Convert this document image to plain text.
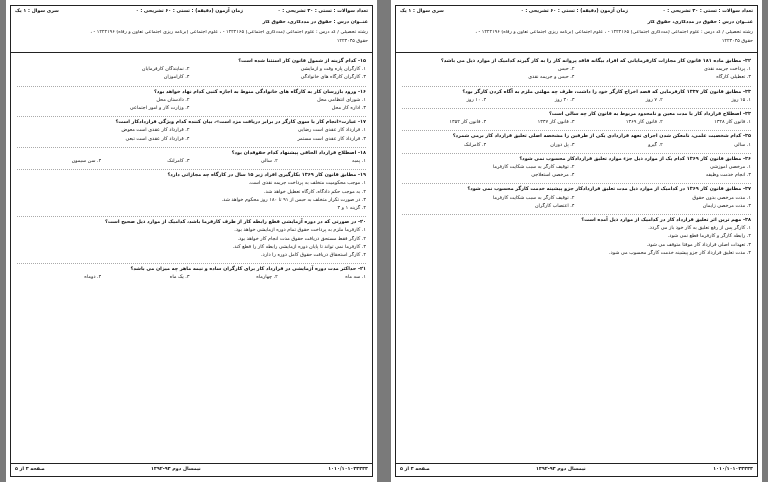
تعداد سوالات : تستی : ۳۰ تشریحی : ۰
زمان آزمون (دقیقه) : تستی : ۶۰ تشریحی : ۰
سری سوال : ۱ یک
عنــوان درس : حقوق در مددکاری، حقوق کار
رشته تحصیلی / کد درس : علوم اجتماعی (مددکاری اجتماعی) ۱۲۲۲۱۶۵ - ، علوم اجتماعی (برنامه ریزی اجتماعی تعاون و رفاه) ۱۲۲۲۱۹۶ - ،
حقوق ۱۲۲۳۰۴۵
۱۵- کدام گزینه از شمول قانون کار استثنا شده است؟
۱. کارگران پاره وقت و آزمایشی
۲. نمایندگان کارفرمایان
۳. کارگران کارگاه های خانوادگی
۴. کارآموزان
۱۶- ورود بازرسان کار به کارگاه های خانوادگی منوط به اجازه کتبی کدام نهاد خواهد بود؟
۱. شورای انتظامی محل
۲. دادستان محل
۳. اداره کار محل
۴. وزارت کار و امور اجتماعی
۱۷- عبارت«انجام کار با سوی کارگر در برابر دریافت مزد است»، بیان کننده کدام ویژگی قراردادکار است؟
۱. قرارداد کار عقدی است رضایی
۲. قرارداد کار عقدی است معوض
۳. قرارداد کار عقدی است مستمر
۴. قرارداد کار عقدی است تبعی
۱۸- اصطلاح قرارداد الحاقی پیشنهاد کدام حقوقدان بود؟
۱. پمبه
۲. سالی
۳. کامرلنک
۴. سن سیمون
۱۹- مطابق قانون کار ۱۳۶۹ بکارگیری افراد زیر ۱۵ سال در کارگاه چه مجازاتی دارد؟
۱. موجب محکومیت متخلف به پرداخت جریمه نقدی است.
۲. به موجب حکم دادگاه، کارگاه تعطیل خواهد شد.
۳. در صورت تکرار متخلف به حبس از ۹۱ تا ۱۸۰ روز محکوم خواهد شد.
۴. گزینه ۱ و ۳
۲۰- در صورتی که در دوره آزمایشی قطع رابطه کار از طرف کارفرما باشد، کدامیک از موارد ذیل صحیح است؟
۱. کارفرما ملزم به پرداخت حقوق تمام دوره آزمایشی خواهد بود.
۲. کارگر فقط مستحق دریافت حقوق مدت انجام کار خواهد بود.
۳. کارفرما نمی تواند تا پایان دوره آزمایشی رابطه کار را قطع کند.
۴. کارگر استحقاق دریافت حقوق کامل دوره را دارد.
۲۱- حداکثر مدت دوره آزمایشی در قرارداد کار برای کارگران ساده و نیمه ماهر چه میزان می باشد؟
۱. سه ماه
۲. چهارماه
۳. یک ماه
۴. دوماه
صفحه ۳ از ۵	نیمسال دوم ۹۳-۱۳۹۲	۱۰۱۰/۱۰۱۰۳۳۳۳۳
تعداد سوالات : تستی : ۳۰ تشریحی : ۰
زمان آزمون (دقیقه) : تستی : ۶۰ تشریحی : ۰
سری سوال : ۱ یک
عنــوان درس : حقوق در مددکاری، حقوق کار
رشته تحصیلی / کد درس : علوم اجتماعی (مددکاری اجتماعی) ۱۲۲۲۱۶۵ - ، علوم اجتماعی (برنامه ریزی اجتماعی تعاون و رفاه) ۱۲۲۲۱۹۶ - ،
حقوق ۱۲۲۳۰۴۵
۴۲- مطابق ماده ۱۸۱ قانون کار مجازات کارفرمایانی که افراد بیگانه فاقد پروانه کار را به کار گیرند کدامیک از موارد ذیل می باشد؟
۱. پرداخت جریمه نقدی
۲. حبس
۳. تعطیلی کارگاه
۴. حبس و جریمه نقدی
۴۳- مطابق قانون کار ۱۳۴۷ کارفرمایی که قصد اخراج کارگر خود را داشت، ظرف چه مهلتی ملزم به آگاه کردن کارگر بود؟
۱. ۱۵ روز
۲. ۷ روز
۳. ۳۰ روز
۴. ۱۰ روز
۴۴- اصطلاح قرارداد کار با مدت معین و نامحدود مربوط به قانون کار چه سالی است؟
۱. قانون کار ۱۳۲۸
۲. قانون کار ۱۳۶۹
۳. قانون کار ۱۳۴۷
۴. قانون کار ۱۳۵۲
۴۵- کدام شخصیت علمی، نامعکن شدن اجرای تعهد قراردادی یکی از طرفین را مشخصه اصلی تعلیق قرارداد کار برمی شمرد؟
۱. سالی
۲. گیرو
۳. پل دوران
۴. کامرلنک
۴۶- مطابق قانون کار ۱۳۶۹ کدام یک از موارد ذیل جزء موارد تعلیق قراردادکار محسوب نمی شود؟
۱. مرخصی آموزشی
۲. توقیف کارگر به سبب شکایت کارفرما
۳. انجام خدمت وظیفه
۴. مرخصی استعلاجی
۴۷- مطابق قانون کار ۱۳۶۹ در کدامیک از موارد ذیل مدت تعلیق قراردادکار جزو پیشینه خدمت کارگر محسوب نمی شود؟
۱. مدت مرخصی بدون حقوق
۲. توقیف کارگر به سبب شکایت کارفرما
۳. مدت مرخصی زایمان
۴. اعتصاب کارگران
۴۸- مهم ترین اثر تعلیق قرارداد کار در کدامیک از موارد ذیل آمده است؟
۱. کارگر پس از رفع تعلیق به کار خود باز می گردد.
۲. رابطه کارگر و کارفرما قطع نمی شود.
۳. تعهدات اصلی قرارداد کار موقتا متوقف می شود.
۴. مدت تعلیق قرارداد کار جزو پیشینه خدمت کارگر محسوب می شود.
صفحه ۴ از ۵	نیمسال دوم ۹۳-۱۳۹۲	۱۰۱۰/۱۰۱۰۳۳۳۳۳
